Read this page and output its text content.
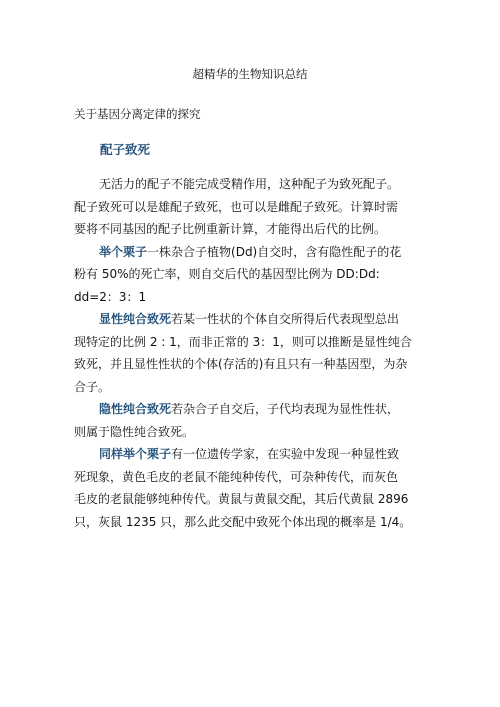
超精华的生物知识总结
关于基因分离定律的探究
配子致死

无活力的配子不能完成受精作用，这种配子为致死配子。
配子致死可以是雄配子致死，也可以是雌配子致死。计算时需
要将不同基因的配子比例重新计算，才能得出后代的比例。

举个栗子一株杂合子植物(Dd)自交时，含有隐性配子的花
粉有 50%的死亡率，则自交后代的基因型比例为 DD:Dd:
dd=2：3：1

显性纯合致死若某一性状的个体自交所得后代表现型总出
现特定的比例 2 : 1，而非正常的 3：1，则可以推断是显性纯合
致死，并且显性性状的个体(存活的)有且只有一种基因型，为杂
合子。

隐性纯合致死若杂合子自交后，子代均表现为显性性状，
则属于隐性纯合致死。

同样举个栗子有一位遗传学家，在实验中发现一种显性致
死现象，黄色毛皮的老鼠不能纯种传代，可杂种传代，而灰色
毛皮的老鼠能够纯种传代。黄鼠与黄鼠交配，其后代黄鼠 2896
只，灰鼠 1235 只，那么此交配中致死个体出现的概率是 1/4。
